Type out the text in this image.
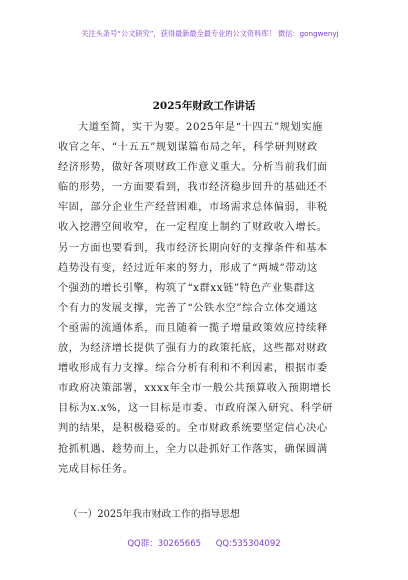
关注头条号“公文研究”，获得最新最全最专业的公文资料库！ 微信：gongwenyj
2025年财政工作讲话
大道至简，实干为要。2025年是“十四五”规划实施
收官之年、“十五五”规划谋篇布局之年，科学研判财政
经济形势，做好各项财政工作意义重大。分析当前我们面
临的形势，一方面要看到，我市经济稳步回升的基础还不
牢固，部分企业生产经营困难，市场需求总体偏弱，非税
收入挖潜空间收窄，在一定程度上制约了财政收入增长。
另一方面也要看到，我市经济长期向好的支撑条件和基本
趋势没有变，经过近年来的努力，形成了“两城”带动这
个强劲的增长引擎，构筑了“x群xx链”特色产业集群这
个有力的发展支撑，完善了“公铁水空”综合立体交通这
个亟需的流通体系，而且随着一揽子增量政策效应持续释
放，为经济增长提供了强有力的政策托底，这些都对财政
增收形成有力支撑。综合分析有利和不利因素，根据市委
市政府决策部署，xxxx年全市一般公共预算收入预期增长
目标为x.x%，这一目标是市委、市政府深入研究、科学研
判的结果，是积极稳妥的。全市财政系统要坚定信心决心
抢抓机遇、趁势而上，全力以赴抓好工作落实，确保圆满
完成目标任务。
（一）2025年我市财政工作的指导思想
QQ群：30265665 QQ:535304092
